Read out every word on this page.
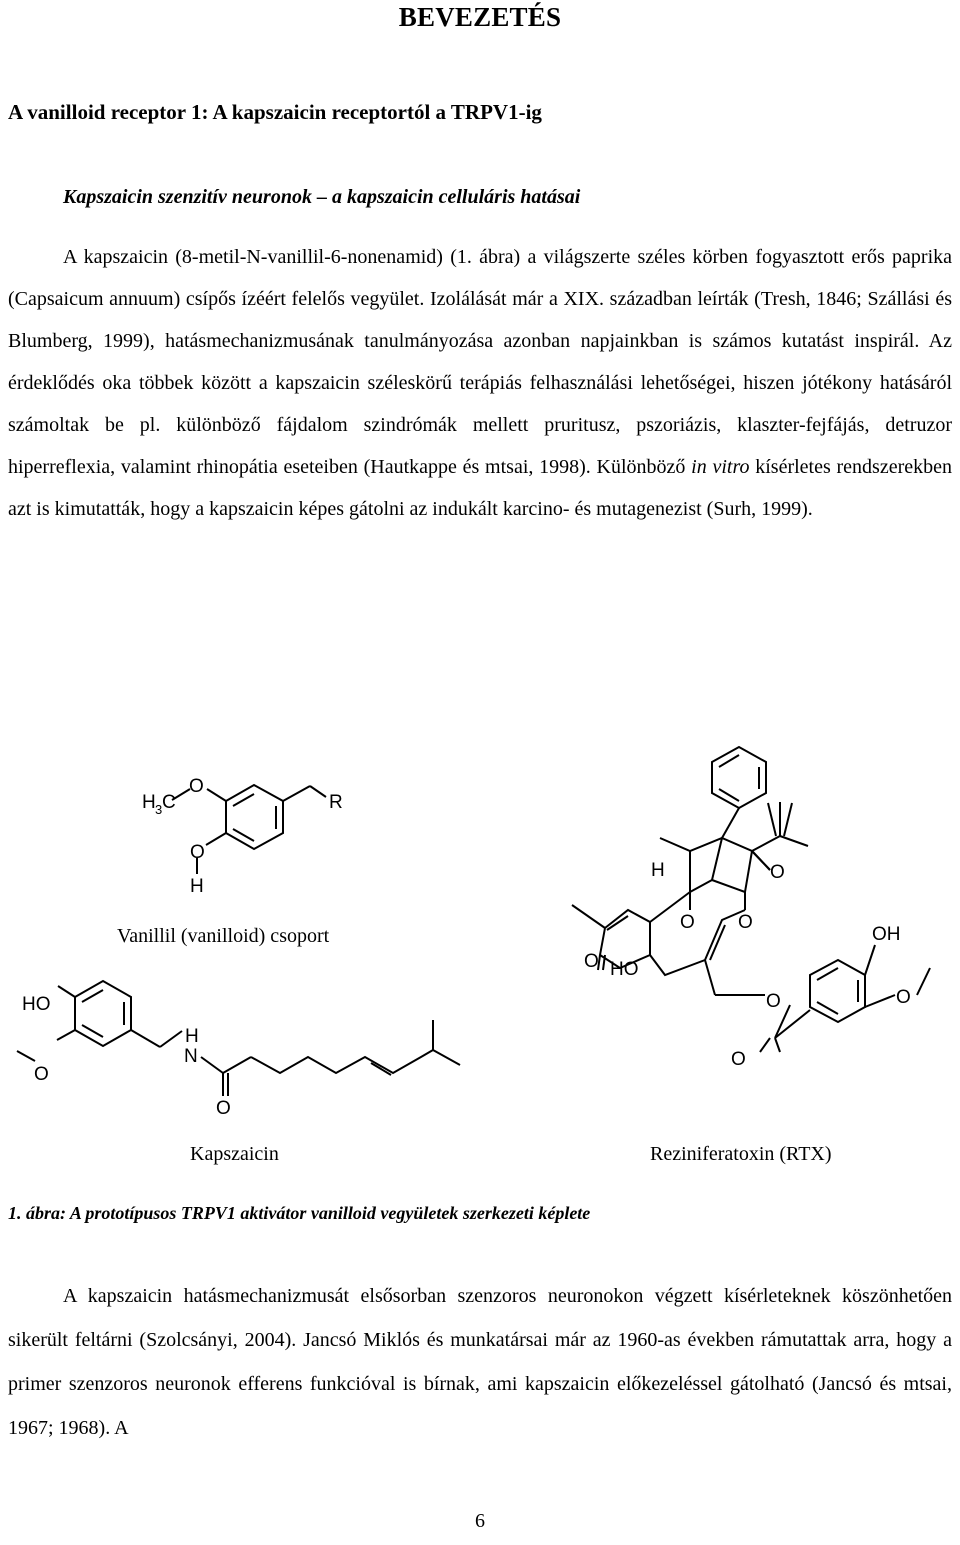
BEVEZETÉS
A vanilloid receptor 1: A kapszaicin receptortól a TRPV1-ig
Kapszaicin szenzitív neuronok – a kapszaicin celluláris hatásai
A kapszaicin (8-metil-N-vanillil-6-nonenamid) (1. ábra) a világszerte széles körben fogyasztott erős paprika (Capsaicum annuum) csípős ízéért felelős vegyület. Izolálását már a XIX. században leírták (Tresh, 1846; Szállási és Blumberg, 1999), hatásmechanizmusának tanulmányozása azonban napjainkban is számos kutatást inspirál. Az érdeklődés oka többek között a kapszaicin széleskörű terápiás felhasználási lehetőségei, hiszen jótékony hatásáról számoltak be pl. különböző fájdalom szindrómák mellett pruritusz, pszoriázis, klaszter-fejfájás, detruzor hiperreflexia, valamint rhinopátia eseteiben (Hautkappe és mtsai, 1998). Különböző in vitro kísérletes rendszerekben azt is kimutatták, hogy a kapszaicin képes gátolni az indukált karcino- és mutagenezist (Surh, 1999).
H 3 C
O
R
O
H
HO
O
H
N
O
H
O O
O
O HO
O
O
OH
O
Vanillil (vanilloid) csoport
Kapszaicin	Reziniferatoxin (RTX)
1. ábra: A prototípusos TRPV1 aktivátor vanilloid vegyületek szerkezeti képlete
A kapszaicin hatásmechanizmusát elsősorban szenzoros neuronokon végzett kísérleteknek köszönhetően sikerült feltárni (Szolcsányi, 2004). Jancsó Miklós és munkatársai már az 1960-as években rámutattak arra, hogy a primer szenzoros neuronok efferens funkcióval is bírnak, ami kapszaicin előkezeléssel gátolható (Jancsó és mtsai, 1967; 1968). A
6
